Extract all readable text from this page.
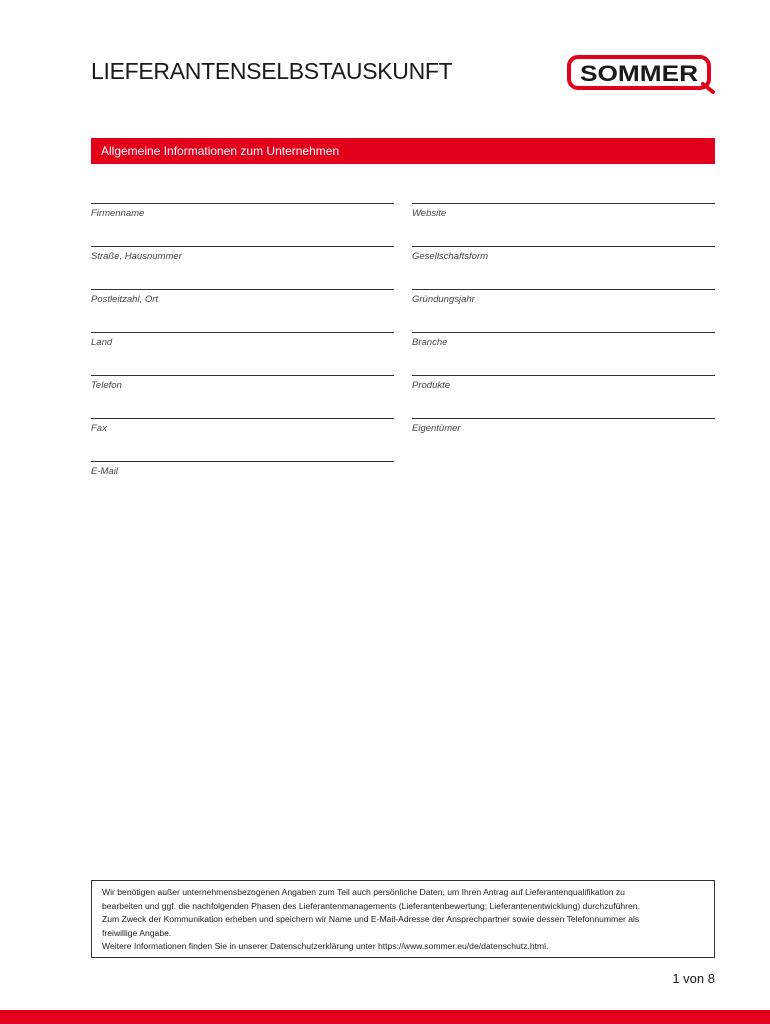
LIEFERANTENSELBSTAUSKUNFT	SOMMER
Allgemeine Informationen zum Unternehmen
Firmenname
Straße, Hausnummer
Postleitzahl, Ort
Land
Telefon
Fax
E-Mail
Website
Gesellschaftsform
Gründungsjahr
Branche
Produkte
Eigentümer

Wir benötigen außer unternehmensbezogenen Angaben zum Teil auch persönliche Daten, um Ihren Antrag auf Lieferantenqualifikation zu

bearbeiten und ggf. die nachfolgenden Phasen des Lieferantenmanagements (Lieferantenbewertung; Lieferantenentwicklung) durchzuführen.

Zum Zweck der Kommunikation erheben und speichern wir Name und E-Mail-Adresse der Ansprechpartner sowie dessen Telefonnummer als

freiwillige Angabe.

Weitere Informationen finden Sie in unserer Datenschutzerklärung unter https://www.sommer.eu/de/datenschutz.html.

1 von 8
